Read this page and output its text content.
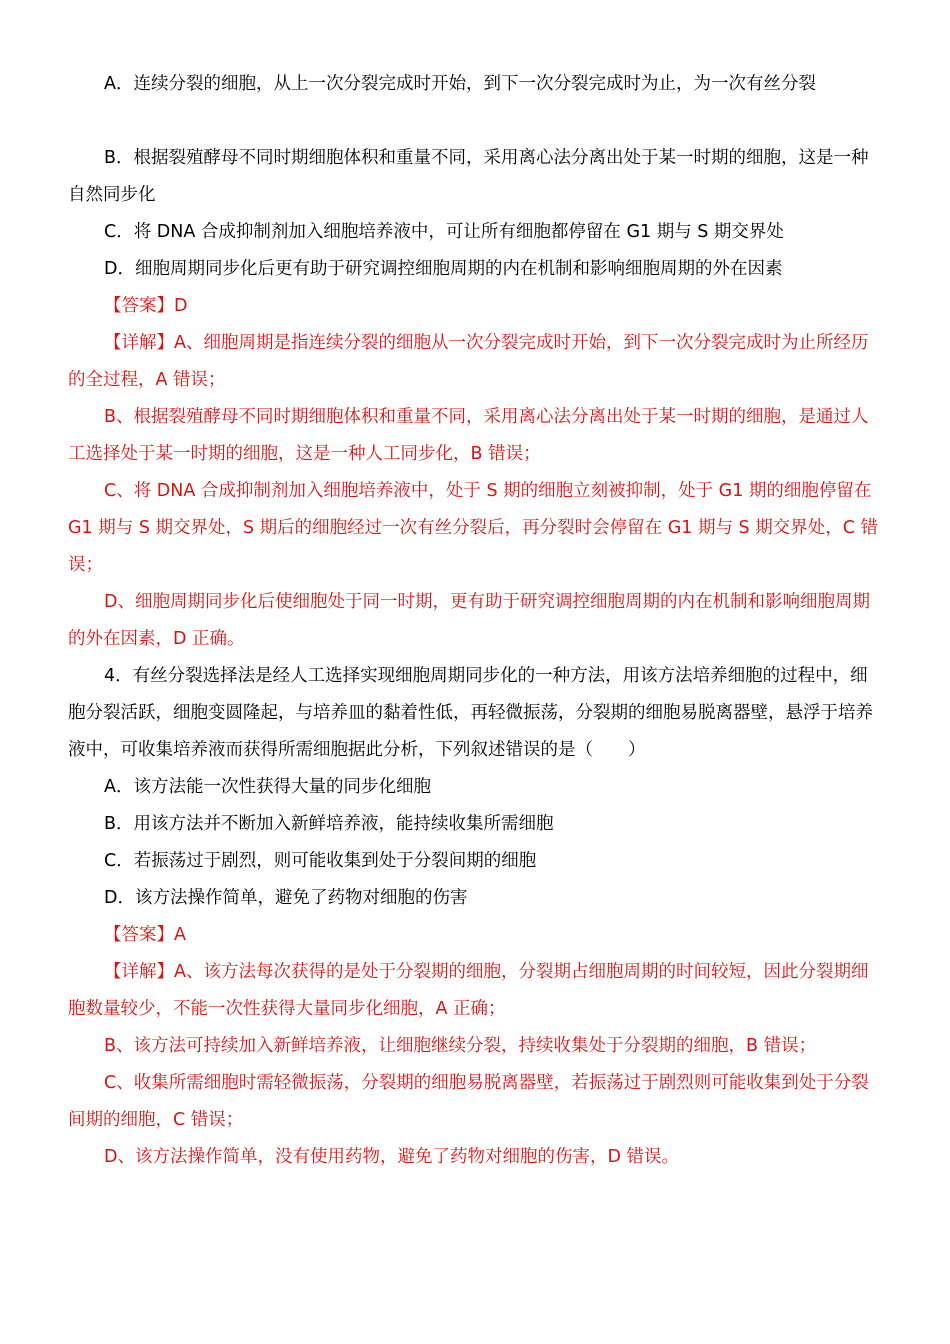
A．连续分裂的细胞，从上一次分裂完成时开始，到下一次分裂完成时为止，为一次有丝分裂

B．根据裂殖酵母不同时期细胞体积和重量不同，采用离心法分离出处于某一时期的细胞，这是一种自然同步化

C．将 DNA 合成抑制剂加入细胞培养液中，可让所有细胞都停留在 G1 期与 S 期交界处

D．细胞周期同步化后更有助于研究调控细胞周期的内在机制和影响细胞周期的外在因素

【答案】D

【详解】A、细胞周期是指连续分裂的细胞从一次分裂完成时开始，到下一次分裂完成时为止所经历的全过程，A 错误；

B、根据裂殖酵母不同时期细胞体积和重量不同，采用离心法分离出处于某一时期的细胞，是通过人工选择处于某一时期的细胞，这是一种人工同步化，B 错误；

C、将 DNA 合成抑制剂加入细胞培养液中，处于 S 期的细胞立刻被抑制，处于 G1 期的细胞停留在 G1 期与 S 期交界处，S 期后的细胞经过一次有丝分裂后，再分裂时会停留在 G1 期与 S 期交界处，C 错误；

D、细胞周期同步化后使细胞处于同一时期，更有助于研究调控细胞周期的内在机制和影响细胞周期的外在因素，D 正确。

4．有丝分裂选择法是经人工选择实现细胞周期同步化的一种方法，用该方法培养细胞的过程中，细胞分裂活跃，细胞变圆隆起，与培养皿的黏着性低，再轻微振荡，分裂期的细胞易脱离器壁，悬浮于培养液中，可收集培养液而获得所需细胞据此分析，下列叙述错误的是（　　）

A．该方法能一次性获得大量的同步化细胞

B．用该方法并不断加入新鲜培养液，能持续收集所需细胞

C．若振荡过于剧烈，则可能收集到处于分裂间期的细胞

D．该方法操作简单，避免了药物对细胞的伤害

【答案】A

【详解】A、该方法每次获得的是处于分裂期的细胞，分裂期占细胞周期的时间较短，因此分裂期细胞数量较少，不能一次性获得大量同步化细胞，A 正确；

B、该方法可持续加入新鲜培养液，让细胞继续分裂，持续收集处于分裂期的细胞，B 错误；

C、收集所需细胞时需轻微振荡，分裂期的细胞易脱离器壁，若振荡过于剧烈则可能收集到处于分裂间期的细胞，C 错误；

D、该方法操作简单，没有使用药物，避免了药物对细胞的伤害，D 错误。
